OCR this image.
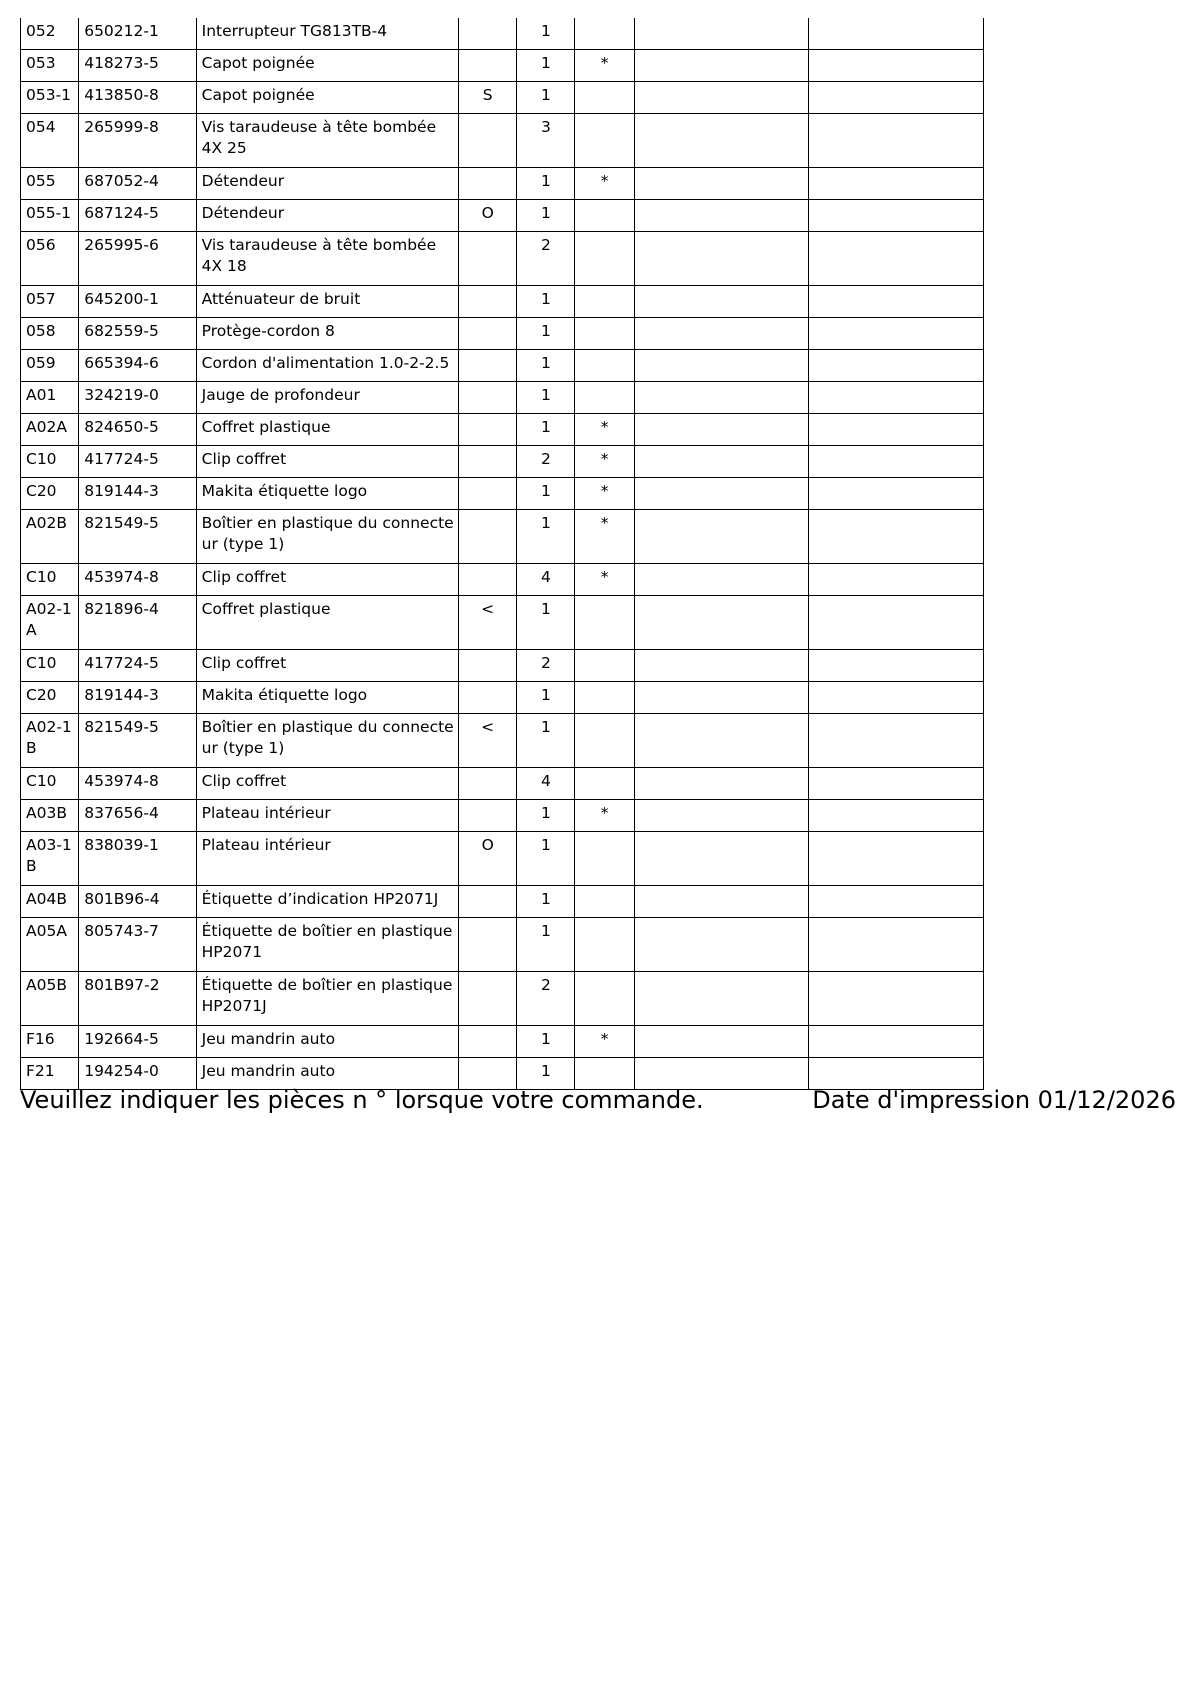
052	650212-1	Interrupteur TG813TB-4		1			
053	418273-5	Capot poignée		1	*		
053-1	413850-8	Capot poignée	S	1			
054	265999-8	Vis taraudeuse à tête bombée 4X 25		3			
055	687052-4	Détendeur		1	*		
055-1	687124-5	Détendeur	O	1			
056	265995-6	Vis taraudeuse à tête bombée 4X 18		2			
057	645200-1	Atténuateur de bruit		1			
058	682559-5	Protège-cordon 8		1			
059	665394-6	Cordon d'alimentation 1.0-2-2.5		1			
A01	324219-0	Jauge de profondeur		1			
A02A	824650-5	Coffret plastique		1	*		
C10	417724-5	Clip coffret		2	*		
C20	819144-3	Makita étiquette logo		1	*		
A02B	821549-5	Boîtier en plastique du connecte ur (type 1)		1	*		
C10	453974-8	Clip coffret		4	*		
A02-1 A	821896-4	Coffret plastique	<	1			
C10	417724-5	Clip coffret		2			
C20	819144-3	Makita étiquette logo		1			
A02-1 B	821549-5	Boîtier en plastique du connecte ur (type 1)	<	1			
C10	453974-8	Clip coffret		4			
A03B	837656-4	Plateau intérieur		1	*		
A03-1 B	838039-1	Plateau intérieur	O	1			
A04B	801B96-4	Étiquette d’indication HP2071J		1			
A05A	805743-7	Étiquette de boîtier en plastique HP2071		1			
A05B	801B97-2	Étiquette de boîtier en plastique HP2071J		2			
F16	192664-5	Jeu mandrin auto		1	*		
F21	194254-0	Jeu mandrin auto		1			
Veuillez indiquer les pièces n ° lorsque votre commande.	Date d'impression 01/12/2026
